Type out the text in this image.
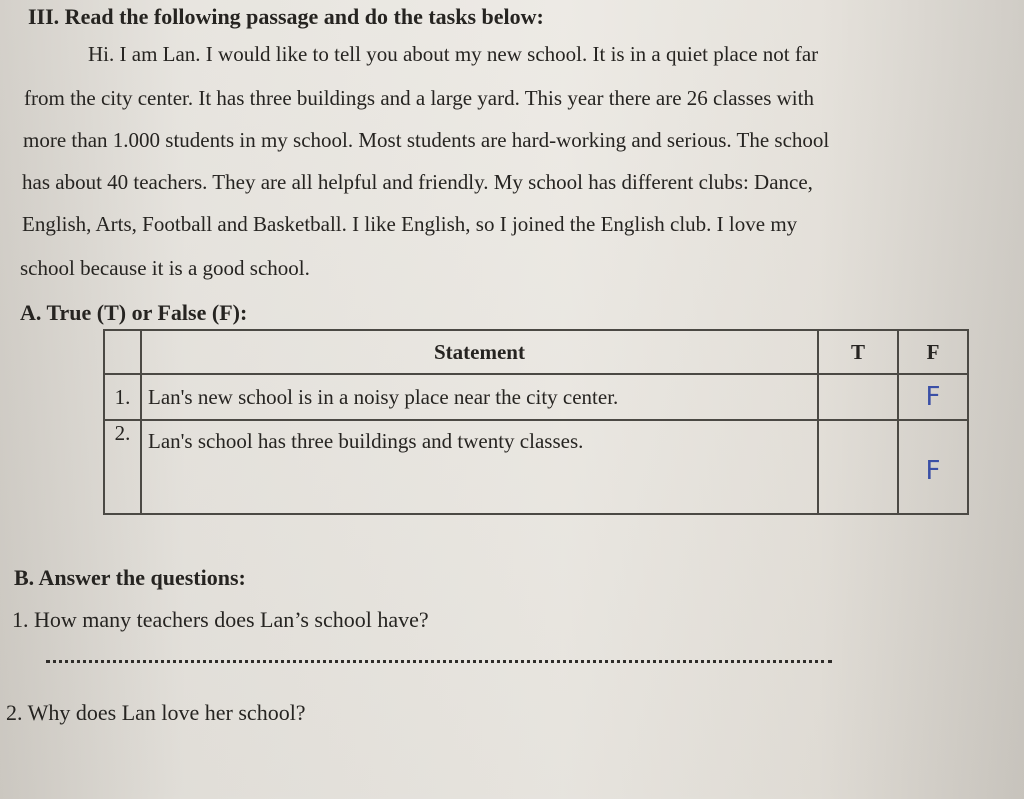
III. Read the following passage and do the tasks below:
Hi. I am Lan. I would like to tell you about my new school. It is in a quiet place not far
from the city center. It has three buildings and a large yard. This year there are 26 classes with
more than 1.000 students in my school. Most students are hard-working and serious. The school
has about 40 teachers. They are all helpful and friendly. My school has different clubs: Dance,
English, Arts, Football and Basketball. I like English, so I joined the English club. I love my
school because it is a good school.
A. True (T) or False (F):
	Statement	T	F
1.	Lan's new school is in a noisy place near the city center.		F
2.	Lan's school has three buildings and twenty classes.		F
B. Answer the questions:
1. How many teachers does Lan’s school have?
2. Why does Lan love her school?
